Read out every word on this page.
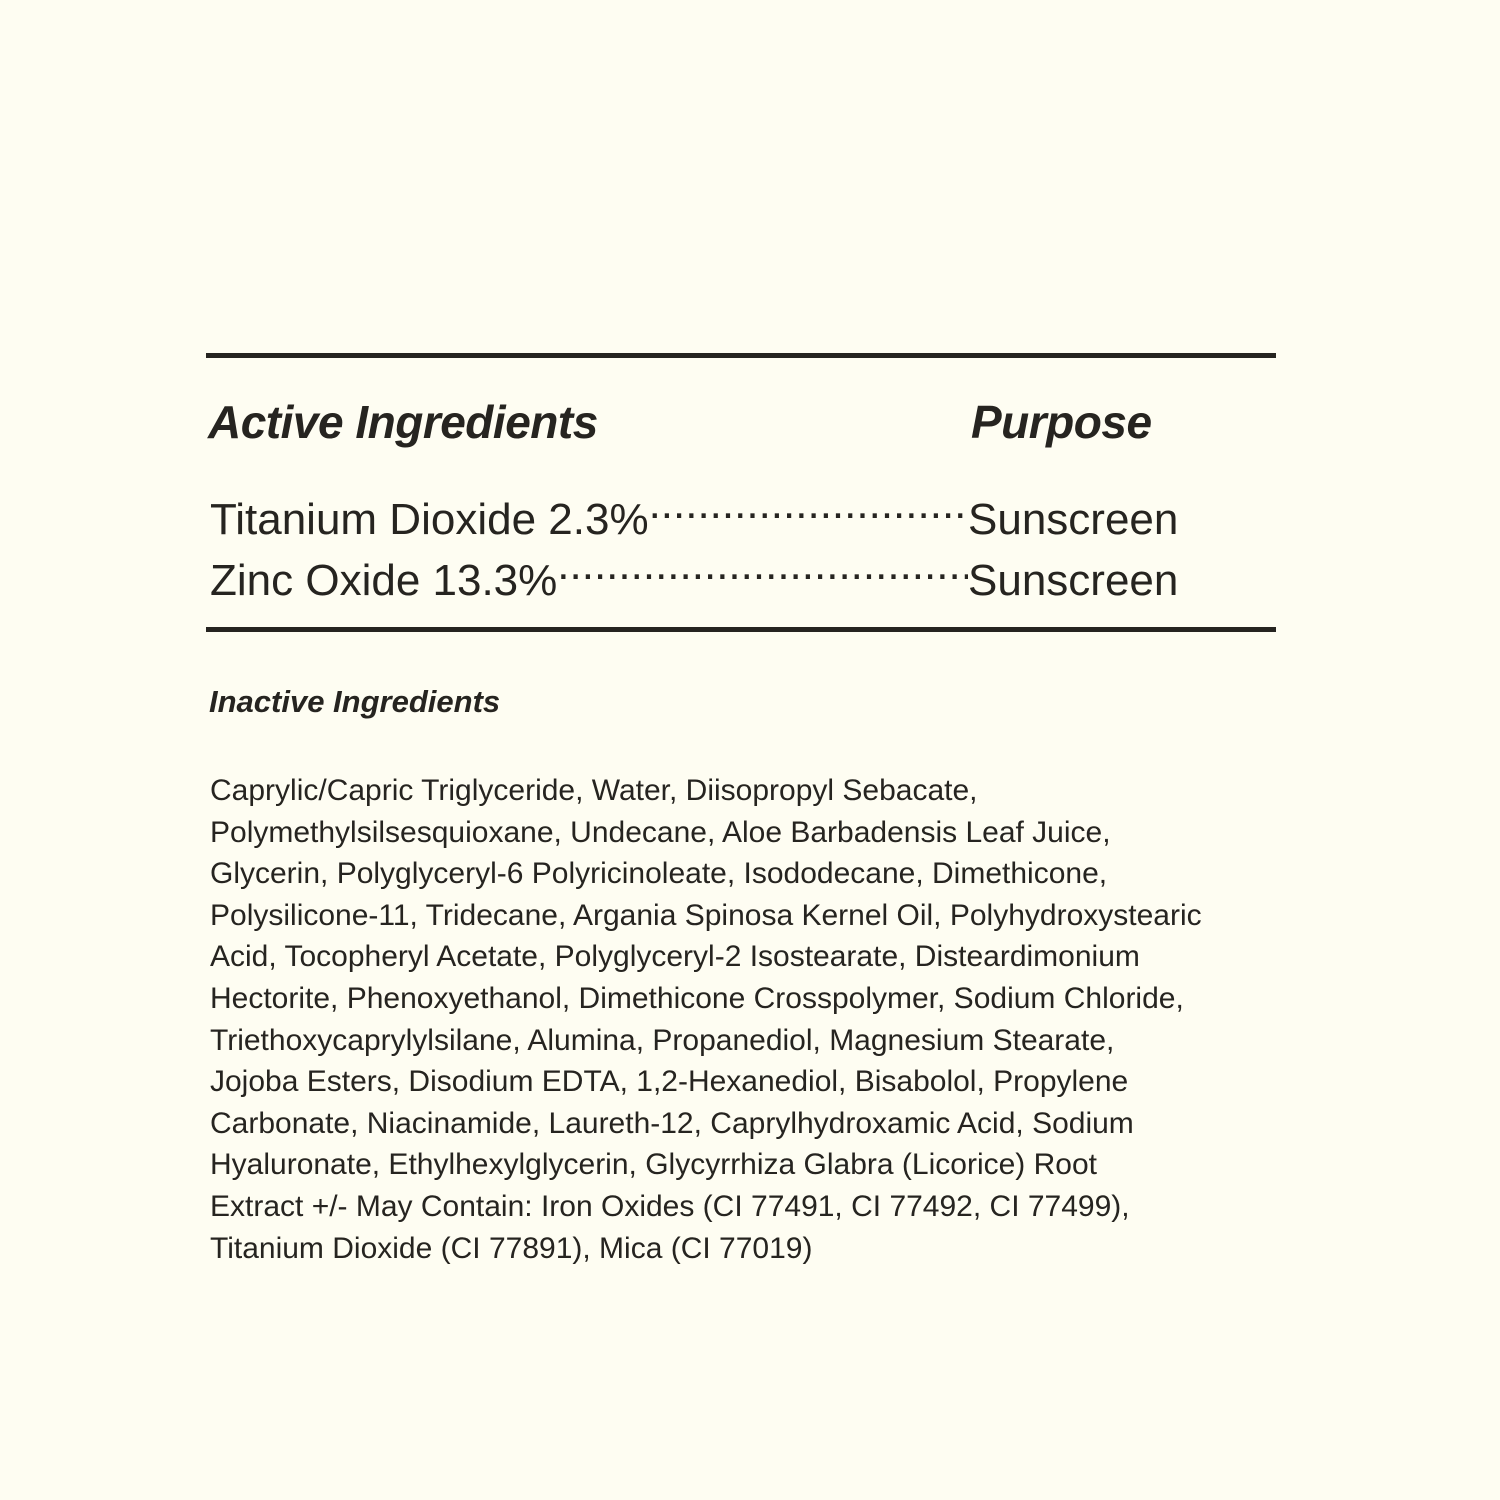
Active Ingredients	Purpose
Titanium Dioxide 2.3% .....	Sunscreen
Zinc Oxide 13.3% .....	Sunscreen
Inactive Ingredients

Caprylic/Capric Triglyceride, Water, Diisopropyl Sebacate,
Polymethylsilsesquioxane, Undecane, Aloe Barbadensis Leaf Juice,
Glycerin, Polyglyceryl-6 Polyricinoleate, Isododecane, Dimethicone,
Polysilicone-11, Tridecane, Argania Spinosa Kernel Oil, Polyhydroxystearic
Acid, Tocopheryl Acetate, Polyglyceryl-2 Isostearate, Disteardimonium
Hectorite, Phenoxyethanol, Dimethicone Crosspolymer, Sodium Chloride,
Triethoxycaprylylsilane, Alumina, Propanediol, Magnesium Stearate,
Jojoba Esters, Disodium EDTA, 1,2-Hexanediol, Bisabolol, Propylene
Carbonate, Niacinamide, Laureth-12, Caprylhydroxamic Acid, Sodium
Hyaluronate, Ethylhexylglycerin, Glycyrrhiza Glabra (Licorice) Root
Extract +/- May Contain: Iron Oxides (CI 77491, CI 77492, CI 77499),
Titanium Dioxide (CI 77891), Mica (CI 77019)
